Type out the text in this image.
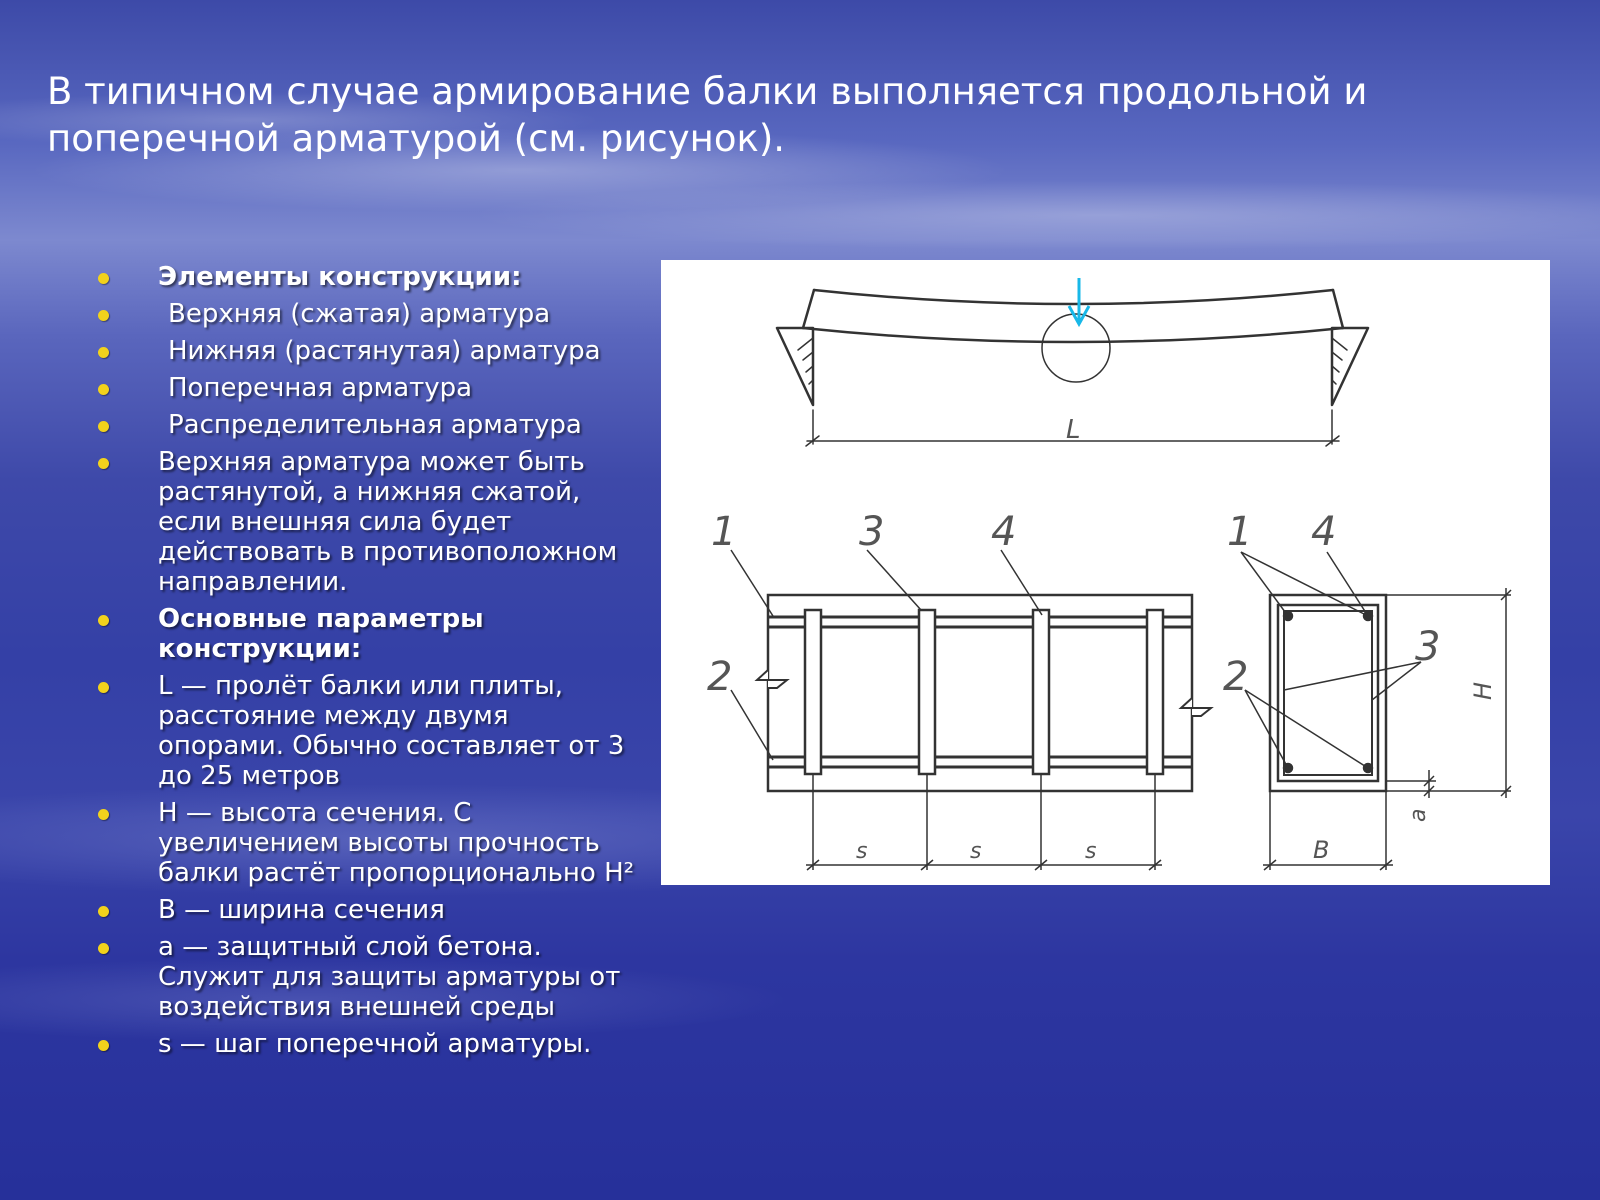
В типичном случае армирование балки выполняется продольной и поперечной арматурой (см. рисунок).
Элементы конструкции:
Верхняя (сжатая) арматура
Нижняя (растянутая) арматура
Поперечная арматура
Распределительная арматура
Верхняя арматура может быть растянутой, а нижняя сжатой, если внешняя сила будет действовать в противоположном направлении.
Основные параметры конструкции:
L — пролёт балки или плиты, расстояние между двумя опорами. Обычно составляет от 3 до 25 метров
H — высота сечения. С увеличением высоты прочность балки растёт пропорционально H²
B — ширина сечения
a — защитный слой бетона. Служит для защиты арматуры от воздействия внешней среды
s — шаг поперечной арматуры.
L
1	3	4
2
s	s	s
1 4
3
2
B
H
a
